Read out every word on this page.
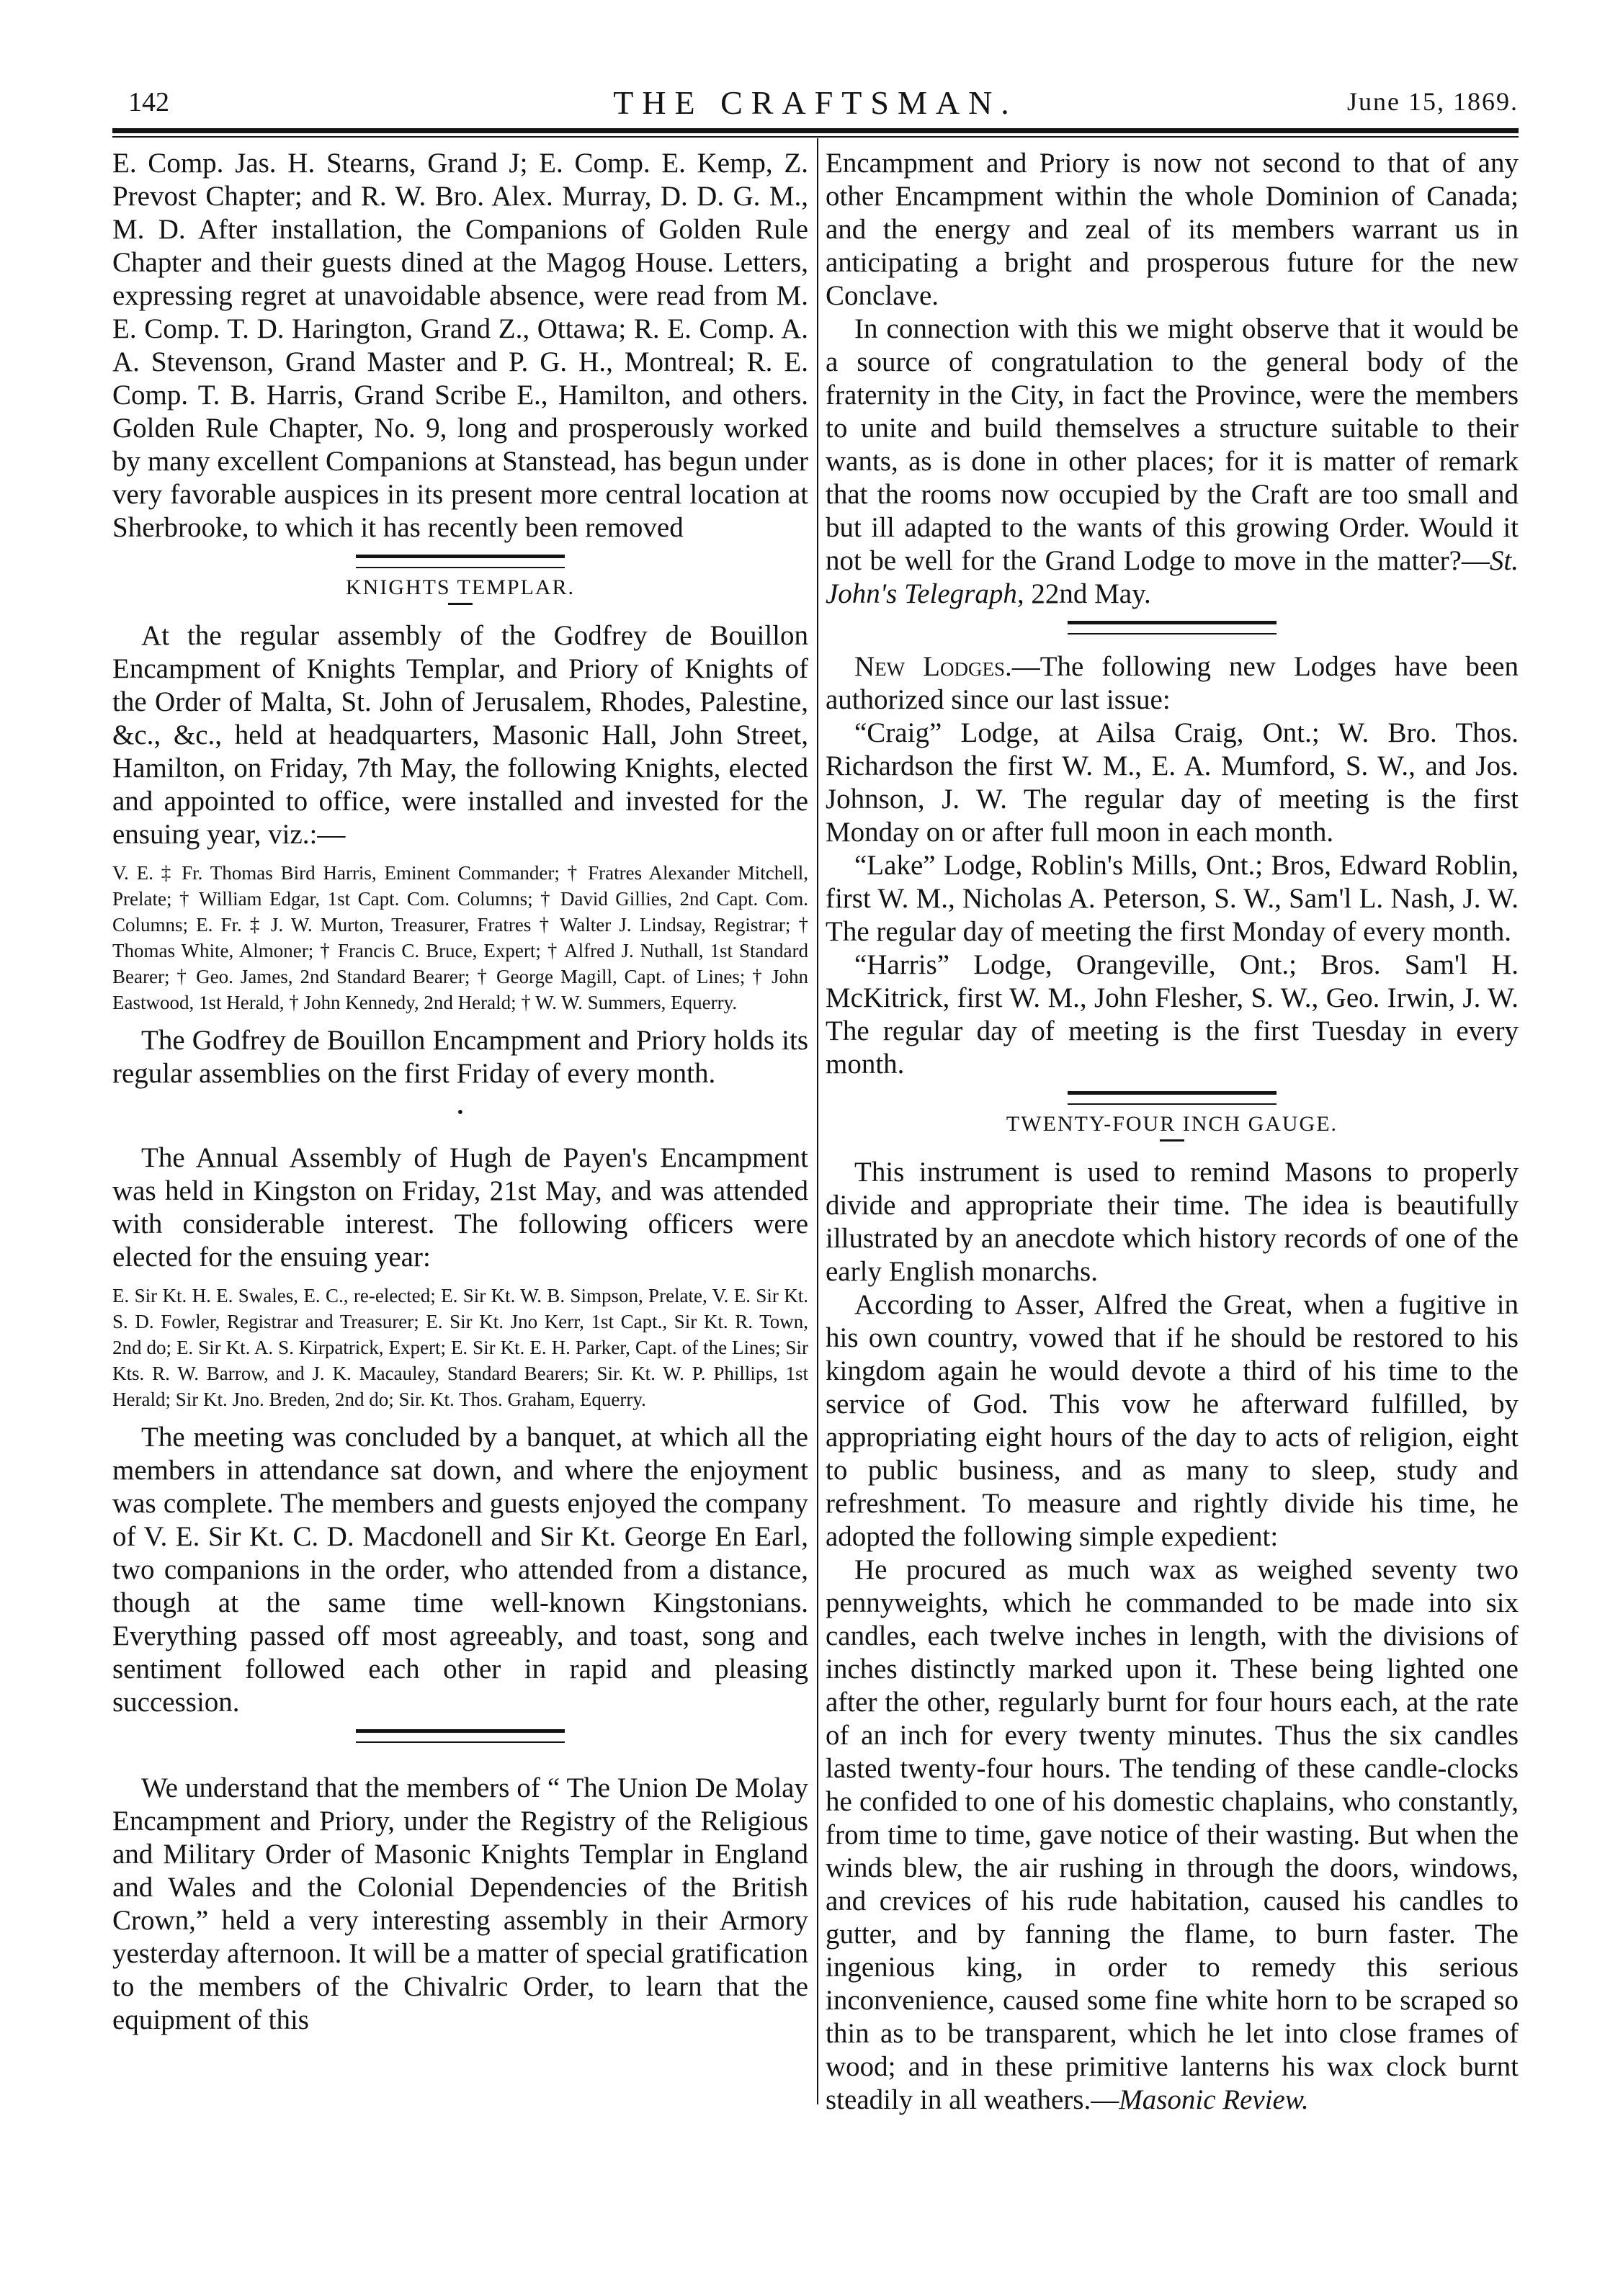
142	THE CRAFTSMAN.	June 15, 1869.

E. Comp. Jas. H. Stearns, Grand J; E. Comp. E. Kemp, Z. Prevost Chapter; and R. W. Bro. Alex. Murray, D. D. G. M., M. D. After installation, the Companions of Golden Rule Chapter and their guests dined at the Magog House. Letters, expressing regret at unavoidable absence, were read from M. E. Comp. T. D. Harington, Grand Z., Ottawa; R. E. Comp. A. A. Stevenson, Grand Master and P. G. H., Montreal; R. E. Comp. T. B. Harris, Grand Scribe E., Hamilton, and others. Golden Rule Chapter, No. 9, long and prosperously worked by many excellent Companions at Stanstead, has begun under very favorable auspices in its present more central location at Sherbrooke, to which it has recently been removed

KNIGHTS TEMPLAR.

At the regular assembly of the Godfrey de Bouillon Encampment of Knights Templar, and Priory of Knights of the Order of Malta, St. John of Jerusalem, Rhodes, Palestine, &c., &c., held at headquarters, Masonic Hall, John Street, Hamilton, on Friday, 7th May, the following Knights, elected and appointed to office, were installed and invested for the ensuing year, viz.:—

V. E. ‡ Fr. Thomas Bird Harris, Eminent Commander; † Fratres Alexander Mitchell, Prelate; † William Edgar, 1st Capt. Com. Columns; † David Gillies, 2nd Capt. Com. Columns; E. Fr. ‡ J. W. Murton, Treasurer, Fratres † Walter J. Lindsay, Registrar; † Thomas White, Almoner; † Francis C. Bruce, Expert; † Alfred J. Nuthall, 1st Standard Bearer; † Geo. James, 2nd Standard Bearer; † George Magill, Capt. of Lines; † John Eastwood, 1st Herald, † John Kennedy, 2nd Herald; † W. W. Summers, Equerry.

The Godfrey de Bouillon Encampment and Priory holds its regular assemblies on the first Friday of every month.

•

The Annual Assembly of Hugh de Payen's Encampment was held in Kingston on Friday, 21st May, and was attended with considerable interest. The following officers were elected for the ensuing year:

E. Sir Kt. H. E. Swales, E. C., re-elected; E. Sir Kt. W. B. Simpson, Prelate, V. E. Sir Kt. S. D. Fowler, Registrar and Treasurer; E. Sir Kt. Jno Kerr, 1st Capt., Sir Kt. R. Town, 2nd do; E. Sir Kt. A. S. Kirpatrick, Expert; E. Sir Kt. E. H. Parker, Capt. of the Lines; Sir Kts. R. W. Barrow, and J. K. Macauley, Standard Bearers; Sir. Kt. W. P. Phillips, 1st Herald; Sir Kt. Jno. Breden, 2nd do; Sir. Kt. Thos. Graham, Equerry.

The meeting was concluded by a banquet, at which all the members in attendance sat down, and where the enjoyment was complete. The members and guests enjoyed the company of V. E. Sir Kt. C. D. Macdonell and Sir Kt. George En Earl, two companions in the order, who attended from a distance, though at the same time well-known Kingstonians. Everything passed off most agreeably, and toast, song and sentiment followed each other in rapid and pleasing succession.

We understand that the members of “ The Union De Molay Encampment and Priory, under the Registry of the Religious and Military Order of Masonic Knights Templar in England and Wales and the Colonial Dependencies of the British Crown,” held a very interesting assembly in their Armory yesterday afternoon. It will be a matter of special gratification to the members of the Chivalric Order, to learn that the equipment of this

Encampment and Priory is now not second to that of any other Encampment within the whole Dominion of Canada; and the energy and zeal of its members warrant us in anticipating a bright and prosperous future for the new Conclave.

In connection with this we might observe that it would be a source of congratulation to the general body of the fraternity in the City, in fact the Province, were the members to unite and build themselves a structure suitable to their wants, as is done in other places; for it is matter of remark that the rooms now occupied by the Craft are too small and but ill adapted to the wants of this growing Order. Would it not be well for the Grand Lodge to move in the matter?—St. John's Telegraph, 22nd May.

New Lodges.—The following new Lodges have been authorized since our last issue:

“Craig” Lodge, at Ailsa Craig, Ont.; W. Bro. Thos. Richardson the first W. M., E. A. Mumford, S. W., and Jos. Johnson, J. W. The regular day of meeting is the first Monday on or after full moon in each month.

“Lake” Lodge, Roblin's Mills, Ont.; Bros, Edward Roblin, first W. M., Nicholas A. Peterson, S. W., Sam'l L. Nash, J. W. The regular day of meeting the first Monday of every month.

“Harris” Lodge, Orangeville, Ont.; Bros. Sam'l H. McKitrick, first W. M., John Flesher, S. W., Geo. Irwin, J. W. The regular day of meeting is the first Tuesday in every month.

TWENTY-FOUR INCH GAUGE.

This instrument is used to remind Masons to properly divide and appropriate their time. The idea is beautifully illustrated by an anecdote which history records of one of the early English monarchs.

According to Asser, Alfred the Great, when a fugitive in his own country, vowed that if he should be restored to his kingdom again he would devote a third of his time to the service of God. This vow he afterward fulfilled, by appropriating eight hours of the day to acts of religion, eight to public business, and as many to sleep, study and refreshment. To measure and rightly divide his time, he adopted the following simple expedient:

He procured as much wax as weighed seventy two pennyweights, which he commanded to be made into six candles, each twelve inches in length, with the divisions of inches distinctly marked upon it. These being lighted one after the other, regularly burnt for four hours each, at the rate of an inch for every twenty minutes. Thus the six candles lasted twenty-four hours. The tending of these candle-clocks he confided to one of his domestic chaplains, who constantly, from time to time, gave notice of their wasting. But when the winds blew, the air rushing in through the doors, windows, and crevices of his rude habitation, caused his candles to gutter, and by fanning the flame, to burn faster. The ingenious king, in order to remedy this serious inconvenience, caused some fine white horn to be scraped so thin as to be transparent, which he let into close frames of wood; and in these primitive lanterns his wax clock burnt steadily in all weathers.—Masonic Review.
